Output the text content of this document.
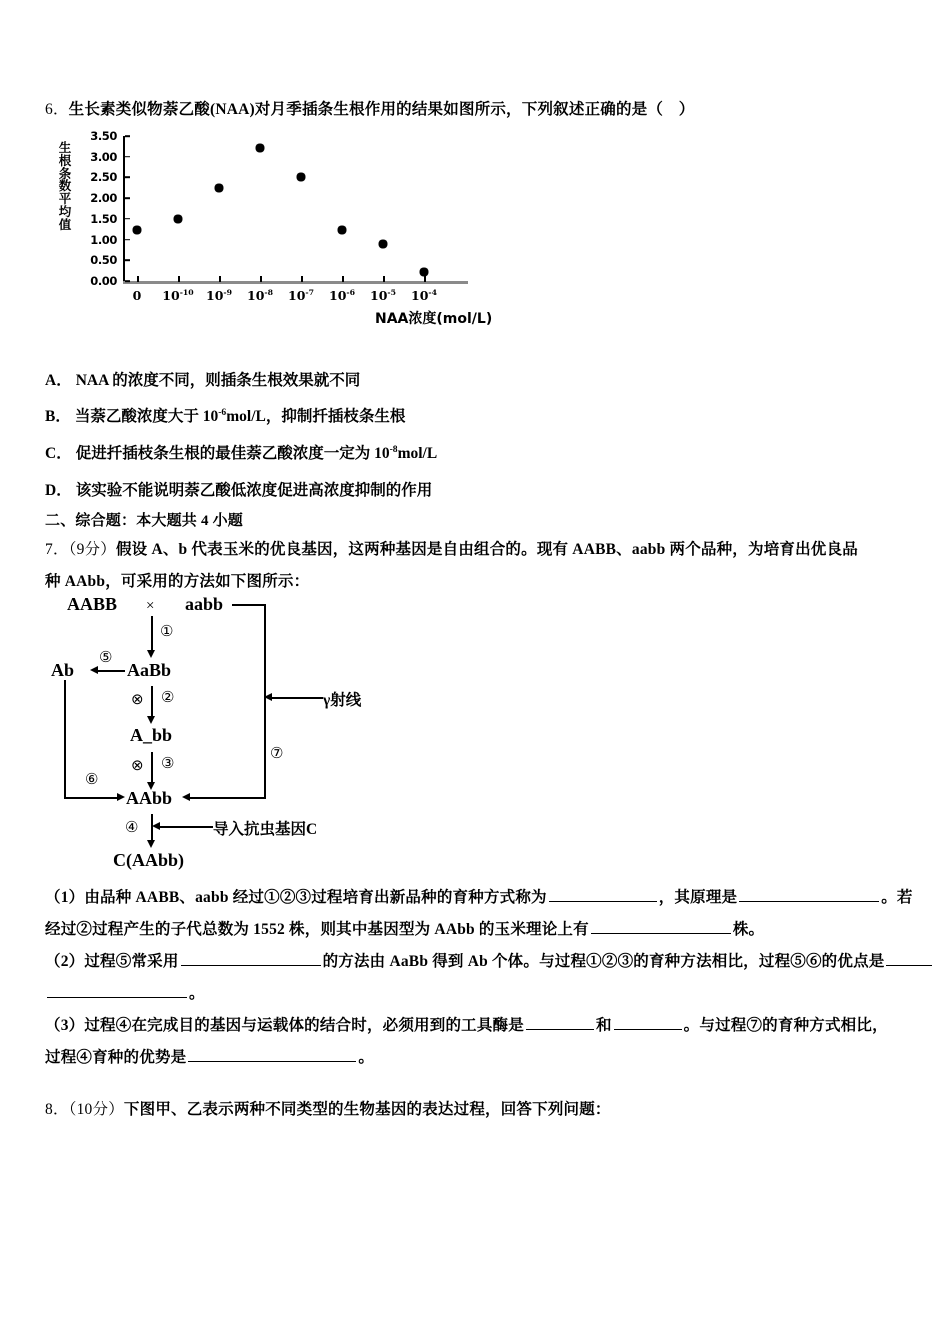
6．生长素类似物萘乙酸(NAA)对月季插条生根作用的结果如图所示，下列叙述正确的是（　）
生
根
条
数
平
均
值
0.00
0.50
1.00
1.50
2.00
2.50
3.00
3.50
0 $10^{-10}$ $10^{-9}$ $10^{-8}$ $10^{-7}$ $10^{-6}$ $10^{-5}$ $10^{-4}$
NAA浓度(mol/L)
A． NAA 的浓度不同，则插条生根效果就不同
B． 当萘乙酸浓度大于 $10^{-6}mol/L$，抑制扦插枝条生根
C． 促进扦插枝条生根的最佳萘乙酸浓度一定为 $10^{-8}mol/L$
D． 该实验不能说明萘乙酸低浓度促进高浓度抑制的作用
二、综合题：本大题共 4 小题
7．（9分）假设 A、b 代表玉米的优良基因，这两种基因是自由组合的。现有 AABB、aabb 两个品种，为培育出优良品
种 AAbb，可采用的方法如下图所示：
AABB × aabb
γ射线
⑦
①
AaBb
⑤
Ab
⑥
⊗ ②
A_bb
⊗ ③
AAbb
④	导入抗虫基因C
C(AAbb)
（1）由品种 AABB、aabb 经过①②③过程培育出新品种的育种方式称为	，其原理是	。若
经过②过程产生的子代总数为 1552 株，则其中基因型为 AAbb 的玉米理论上有	株。
（2）过程⑤常采用	的方法由 AaBb 得到 Ab 个体。与过程①②③的育种方法相比，过程⑤⑥的优点是
。
（3）过程④在完成目的基因与运载体的结合时，必须用到的工具酶是	和	。与过程⑦的育种方式相比，
过程④育种的优势是	。
8．（10分）下图甲、乙表示两种不同类型的生物基因的表达过程，回答下列问题：
